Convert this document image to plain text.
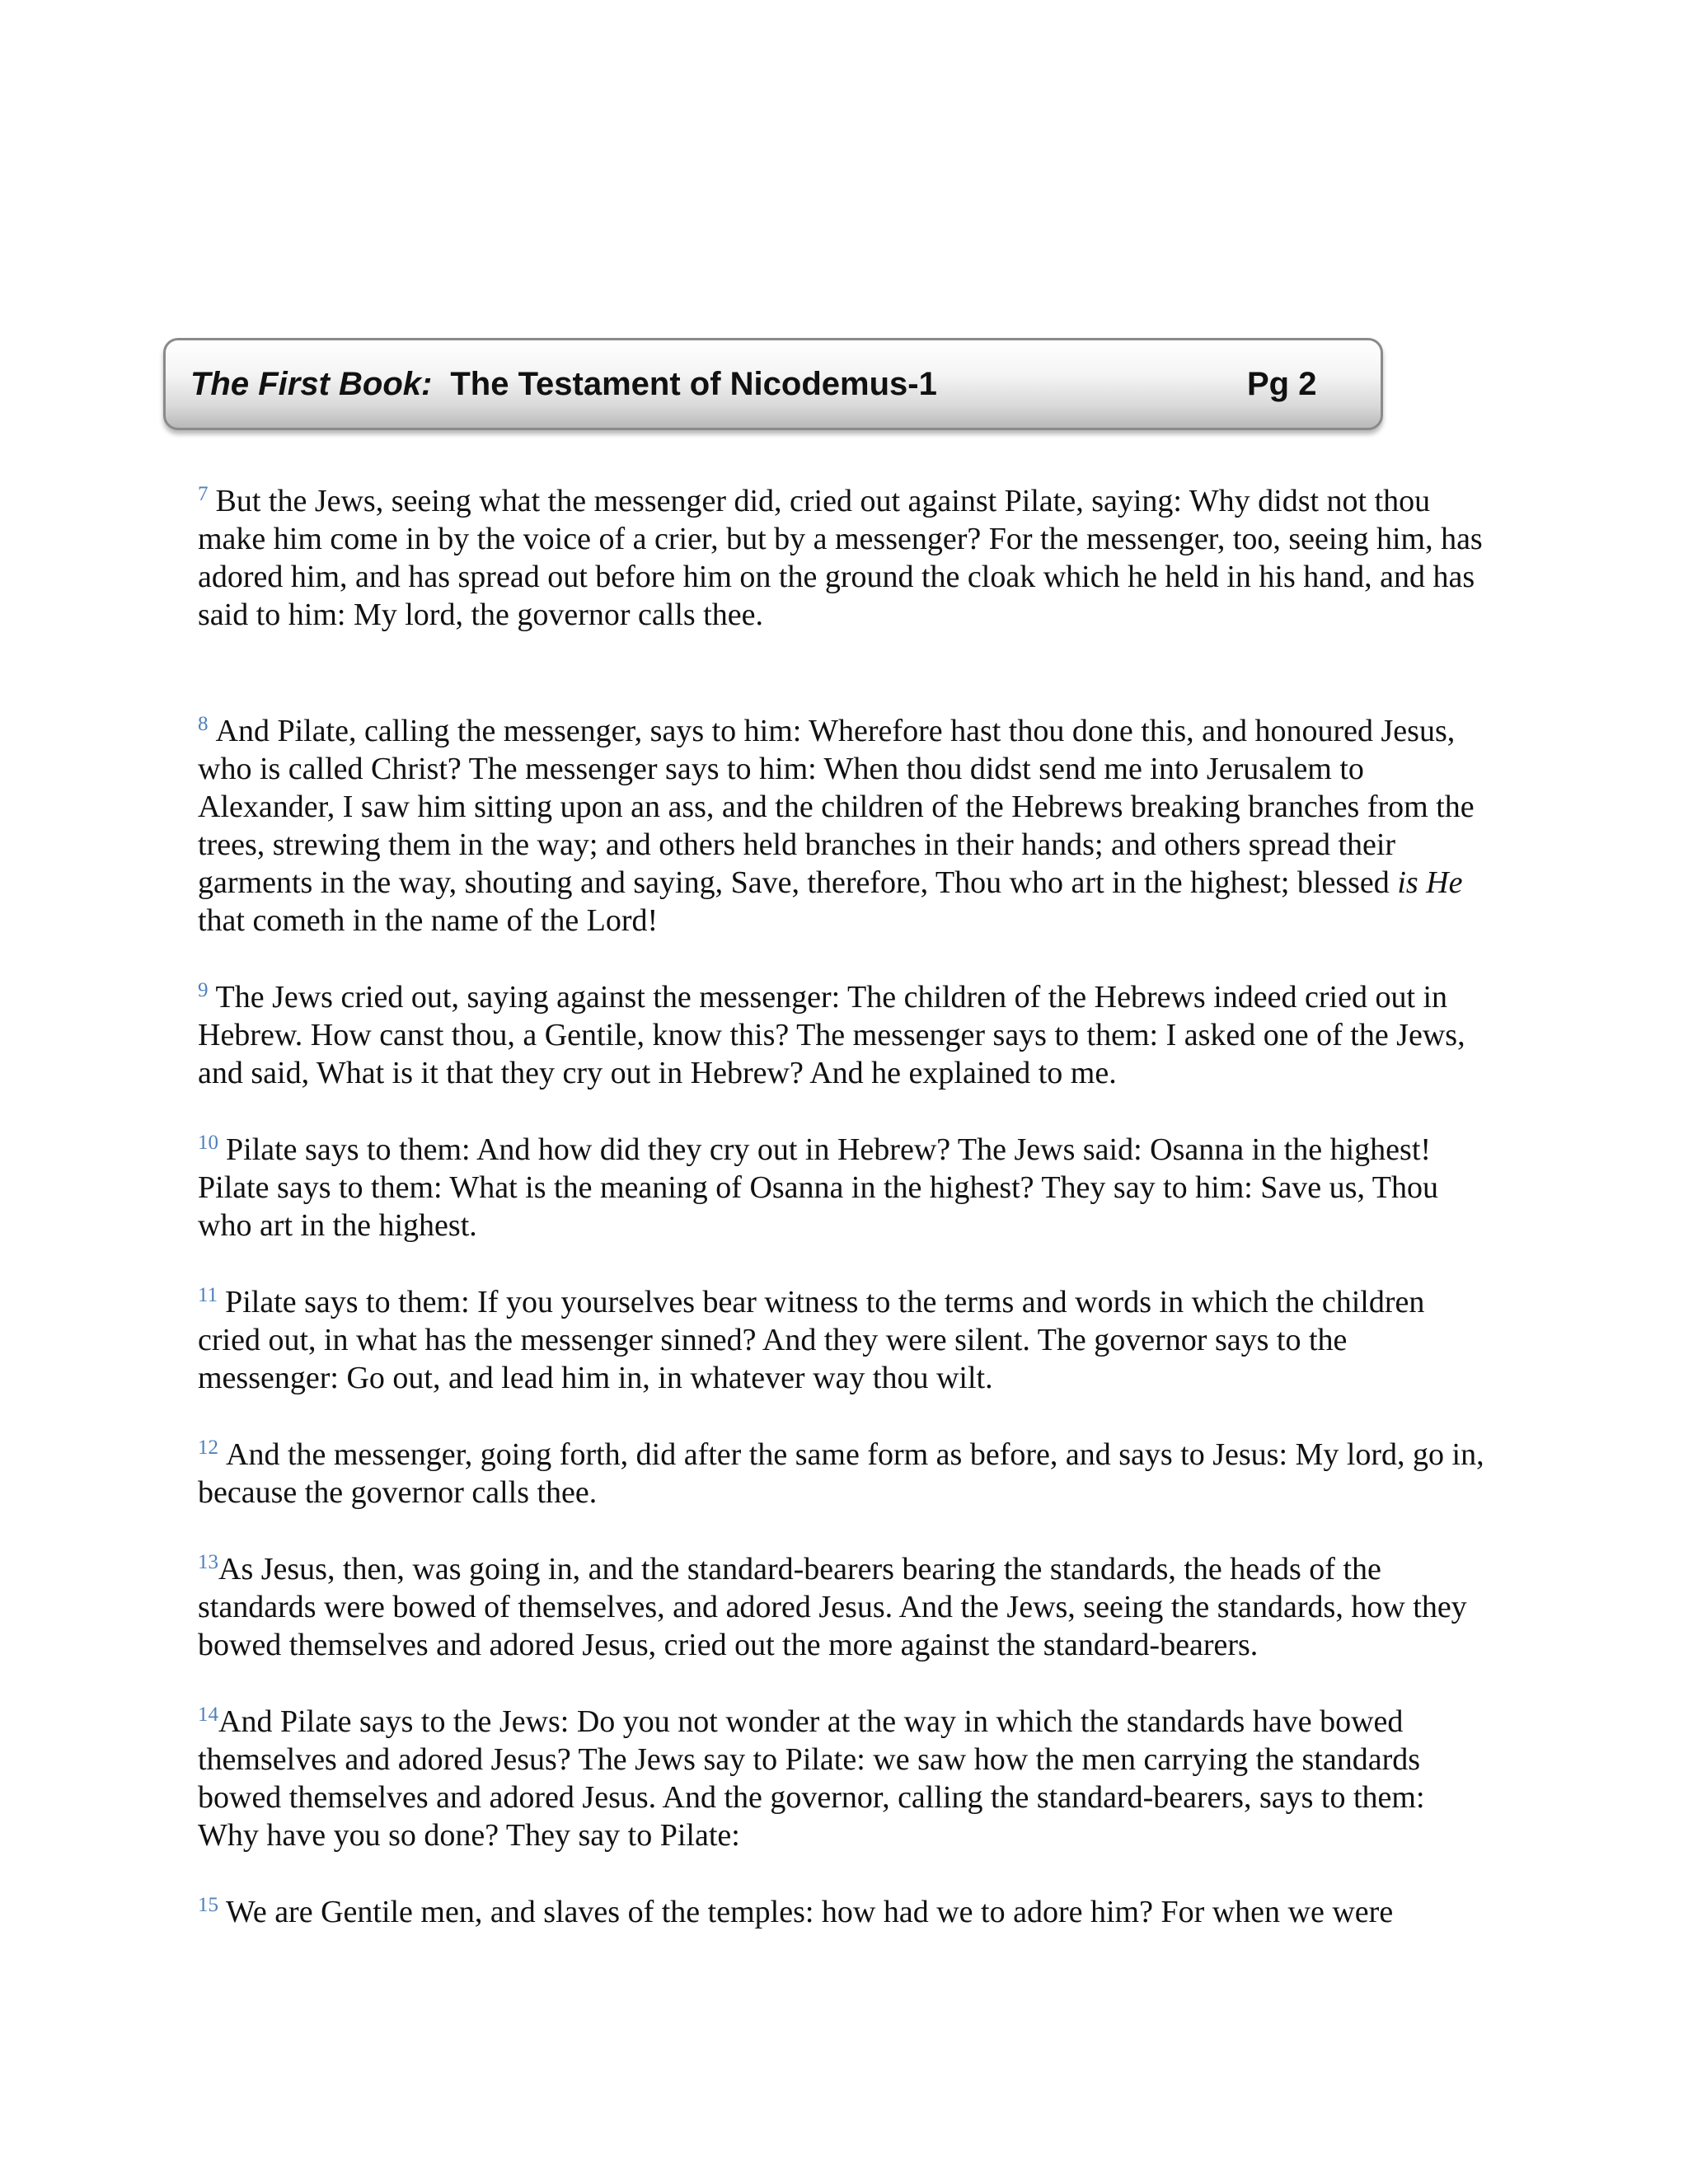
The First Book: The Testament of Nicodemus-1	Pg 2

$^7$ But the Jews, seeing what the messenger did, cried out against Pilate, saying: Why didst not thou make him come in by the voice of a crier, but by a messenger? For the messenger, too, seeing him, has adored him, and has spread out before him on the ground the cloak which he held in his hand, and has said to him: My lord, the governor calls thee.

$^8$ And Pilate, calling the messenger, says to him: Wherefore hast thou done this, and honoured Jesus, who is called Christ? The messenger says to him: When thou didst send me into Jerusalem to Alexander, I saw him sitting upon an ass, and the children of the Hebrews breaking branches from the trees, strewing them in the way; and others held branches in their hands; and others spread their garments in the way, shouting and saying, Save, therefore, Thou who art in the highest; blessed is He that cometh in the name of the Lord!

$^9$ The Jews cried out, saying against the messenger: The children of the Hebrews indeed cried out in Hebrew. How canst thou, a Gentile, know this? The messenger says to them: I asked one of the Jews, and said, What is it that they cry out in Hebrew? And he explained to me.

$^{10}$ Pilate says to them: And how did they cry out in Hebrew? The Jews said: Osanna in the highest! Pilate says to them: What is the meaning of Osanna in the highest? They say to him: Save us, Thou who art in the highest.

$^{11}$ Pilate says to them: If you yourselves bear witness to the terms and words in which the children cried out, in what has the messenger sinned? And they were silent. The governor says to the messenger: Go out, and lead him in, in whatever way thou wilt.

$^{12}$ And the messenger, going forth, did after the same form as before, and says to Jesus: My lord, go in, because the governor calls thee.

$^{13}$As Jesus, then, was going in, and the standard-bearers bearing the standards, the heads of the standards were bowed of themselves, and adored Jesus. And the Jews, seeing the standards, how they bowed themselves and adored Jesus, cried out the more against the standard-bearers.

$^{14}$And Pilate says to the Jews: Do you not wonder at the way in which the standards have bowed themselves and adored Jesus? The Jews say to Pilate: we saw how the men carrying the standards bowed themselves and adored Jesus. And the governor, calling the standard-bearers, says to them: Why have you so done? They say to Pilate:

$^{15}$ We are Gentile men, and slaves of the temples: how had we to adore him? For when we were
